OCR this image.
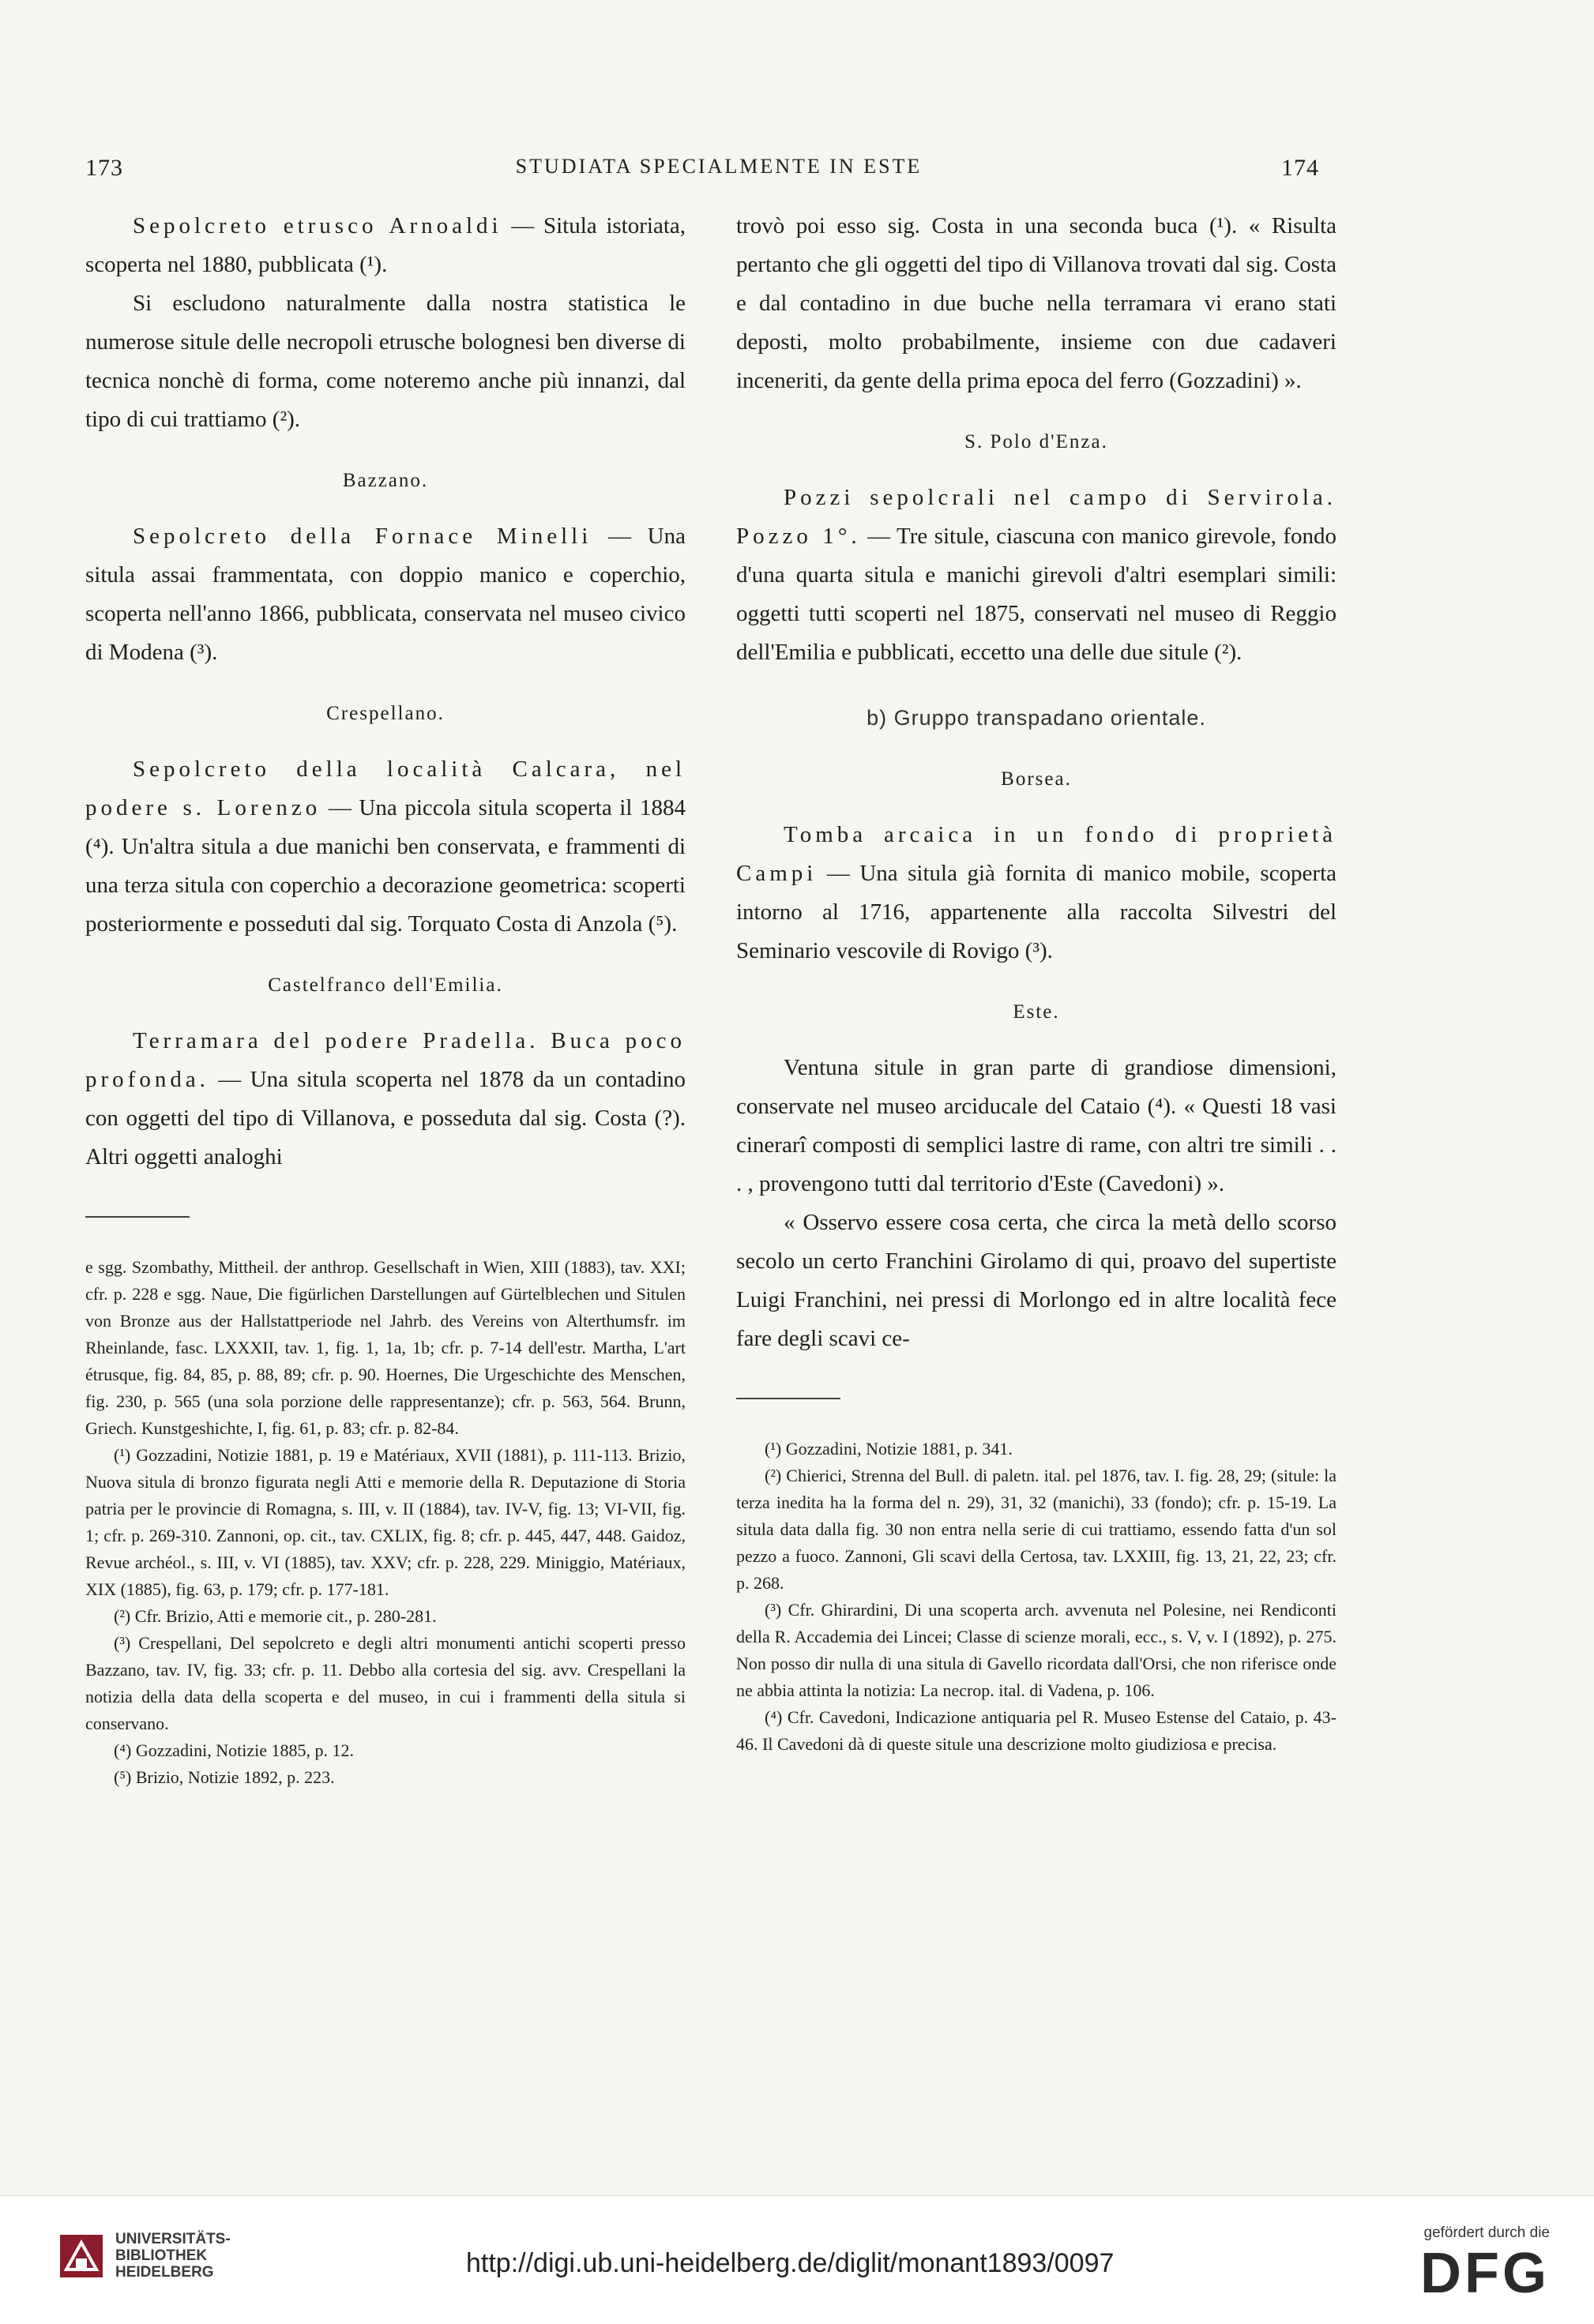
173	STUDIATA SPECIALMENTE IN ESTE	174

Sepolcreto etrusco Arnoaldi — Situla istoriata, scoperta nel 1880, pubblicata (¹).

Si escludono naturalmente dalla nostra statistica le numerose situle delle necropoli etrusche bolognesi ben diverse di tecnica nonchè di forma, come noteremo anche più innanzi, dal tipo di cui trattiamo (²).

Bazzano.

Sepolcreto della Fornace Minelli — Una situla assai frammentata, con doppio manico e coperchio, scoperta nell'anno 1866, pubblicata, conservata nel museo civico di Modena (³).

Crespellano.

Sepolcreto della località Calcara, nel podere s. Lorenzo — Una piccola situla scoperta il 1884 (⁴). Un'altra situla a due manichi ben conservata, e frammenti di una terza situla con coperchio a decorazione geometrica: scoperti posteriormente e posseduti dal sig. Torquato Costa di Anzola (⁵).

Castelfranco dell'Emilia.

Terramara del podere Pradella. Buca poco profonda. — Una situla scoperta nel 1878 da un contadino con oggetti del tipo di Villanova, e posseduta dal sig. Costa (?). Altri oggetti analoghi

e sgg. Szombathy, Mittheil. der anthrop. Gesellschaft in Wien, XIII (1883), tav. XXI; cfr. p. 228 e sgg. Naue, Die figürlichen Darstellungen auf Gürtelblechen und Situlen von Bronze aus der Hallstattperiode nel Jahrb. des Vereins von Alterthumsfr. im Rheinlande, fasc. LXXXII, tav. 1, fig. 1, 1a, 1b; cfr. p. 7-14 dell'estr. Martha, L'art étrusque, fig. 84, 85, p. 88, 89; cfr. p. 90. Hoernes, Die Urgeschichte des Menschen, fig. 230, p. 565 (una sola porzione delle rappresentanze); cfr. p. 563, 564. Brunn, Griech. Kunstgeshichte, I, fig. 61, p. 83; cfr. p. 82-84.

(¹) Gozzadini, Notizie 1881, p. 19 e Matériaux, XVII (1881), p. 111-113. Brizio, Nuova situla di bronzo figurata negli Atti e memorie della R. Deputazione di Storia patria per le provincie di Romagna, s. III, v. II (1884), tav. IV-V, fig. 13; VI-VII, fig. 1; cfr. p. 269-310. Zannoni, op. cit., tav. CXLIX, fig. 8; cfr. p. 445, 447, 448. Gaidoz, Revue archéol., s. III, v. VI (1885), tav. XXV; cfr. p. 228, 229. Miniggio, Matériaux, XIX (1885), fig. 63, p. 179; cfr. p. 177-181.

(²) Cfr. Brizio, Atti e memorie cit., p. 280-281.

(³) Crespellani, Del sepolcreto e degli altri monumenti antichi scoperti presso Bazzano, tav. IV, fig. 33; cfr. p. 11. Debbo alla cortesia del sig. avv. Crespellani la notizia della data della scoperta e del museo, in cui i frammenti della situla si conservano.

(⁴) Gozzadini, Notizie 1885, p. 12.

(⁵) Brizio, Notizie 1892, p. 223.

trovò poi esso sig. Costa in una seconda buca (¹). « Risulta pertanto che gli oggetti del tipo di Villanova trovati dal sig. Costa e dal contadino in due buche nella terramara vi erano stati deposti, molto probabilmente, insieme con due cadaveri inceneriti, da gente della prima epoca del ferro (Gozzadini) ».

S. Polo d'Enza.

Pozzi sepolcrali nel campo di Servirola. Pozzo 1°. — Tre situle, ciascuna con manico girevole, fondo d'una quarta situla e manichi girevoli d'altri esemplari simili: oggetti tutti scoperti nel 1875, conservati nel museo di Reggio dell'Emilia e pubblicati, eccetto una delle due situle (²).

b) Gruppo transpadano orientale.

Borsea.

Tomba arcaica in un fondo di proprietà Campi — Una situla già fornita di manico mobile, scoperta intorno al 1716, appartenente alla raccolta Silvestri del Seminario vescovile di Rovigo (³).

Este.

Ventuna situle in gran parte di grandiose dimensioni, conservate nel museo arciducale del Cataio (⁴). « Questi 18 vasi cinerarî composti di semplici lastre di rame, con altri tre simili . . . , provengono tutti dal territorio d'Este (Cavedoni) ».

« Osservo essere cosa certa, che circa la metà dello scorso secolo un certo Franchini Girolamo di qui, proavo del supertiste Luigi Franchini, nei pressi di Morlongo ed in altre località fece fare degli scavi ce-

(¹) Gozzadini, Notizie 1881, p. 341.

(²) Chierici, Strenna del Bull. di paletn. ital. pel 1876, tav. I. fig. 28, 29; (situle: la terza inedita ha la forma del n. 29), 31, 32 (manichi), 33 (fondo); cfr. p. 15-19. La situla data dalla fig. 30 non entra nella serie di cui trattiamo, essendo fatta d'un sol pezzo a fuoco. Zannoni, Gli scavi della Certosa, tav. LXXIII, fig. 13, 21, 22, 23; cfr. p. 268.

(³) Cfr. Ghirardini, Di una scoperta arch. avvenuta nel Polesine, nei Rendiconti della R. Accademia dei Lincei; Classe di scienze morali, ecc., s. V, v. I (1892), p. 275. Non posso dir nulla di una situla di Gavello ricordata dall'Orsi, che non riferisce onde ne abbia attinta la notizia: La necrop. ital. di Vadena, p. 106.

(⁴) Cfr. Cavedoni, Indicazione antiquaria pel R. Museo Estense del Cataio, p. 43-46. Il Cavedoni dà di queste situle una descrizione molto giudiziosa e precisa.

UNIVERSITÄTS-
BIBLIOTHEK
HEIDELBERG	http://digi.ub.uni-heidelberg.de/diglit/monant1893/0097
gefördert durch die
DFG
